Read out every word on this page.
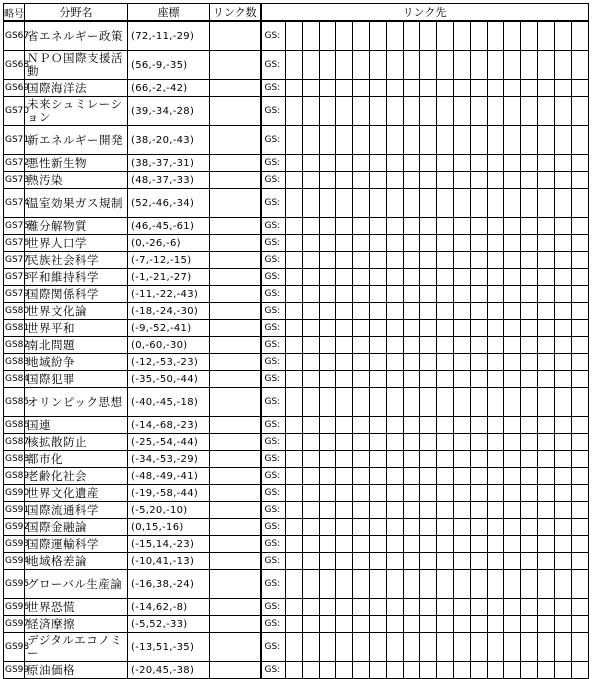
略号	分野名	座標	リンク数	リンク先																		
GS67	省エネルギー政策	(72,-11,-29)		GS:																		
GS68	ＮＰＯ国際支援活動	(56,-9,-35)		GS:																		
GS69	国際海洋法	(66,-2,-42)		GS:																		
GS70	未来シュミレーション	(39,-34,-28)		GS:																		
GS71	新エネルギー開発	(38,-20,-43)		GS:																		
GS72	悪性新生物	(38,-37,-31)		GS:																		
GS73	熱汚染	(48,-37,-33)		GS:																		
GS74	温室効果ガス規制	(52,-46,-34)		GS:																		
GS75	難分解物質	(46,-45,-61)		GS:																		
GS76	世界人口学	(0,-26,-6)		GS:																		
GS77	民族社会科学	(-7,-12,-15)		GS:																		
GS78	平和維持科学	(-1,-21,-27)		GS:																		
GS79	国際関係科学	(-11,-22,-43)		GS:																		
GS80	世界文化論	(-18,-24,-30)		GS:																		
GS81	世界平和	(-9,-52,-41)		GS:																		
GS82	南北問題	(0,-60,-30)		GS:																		
GS83	地域紛争	(-12,-53,-23)		GS:																		
GS84	国際犯罪	(-35,-50,-44)		GS:																		
GS85	オリンピック思想	(-40,-45,-18)		GS:																		
GS86	国連	(-14,-68,-23)		GS:																		
GS87	核拡散防止	(-25,-54,-44)		GS:																		
GS88	都市化	(-34,-53,-29)		GS:																		
GS89	老齢化社会	(-48,-49,-41)		GS:																		
GS90	世界文化遺産	(-19,-58,-44)		GS:																		
GS91	国際流通科学	(-5,20,-10)		GS:																		
GS92	国際金融論	(0,15,-16)		GS:																		
GS93	国際運輸科学	(-15,14,-23)		GS:																		
GS94	地域格差論	(-10,41,-13)		GS:																		
GS95	グローバル生産論	(-16,38,-24)		GS:																		
GS96	世界恐慌	(-14,62,-8)		GS:																		
GS97	経済摩擦	(-5,52,-33)		GS:																		
GS98	デジタルエコノミー	(-13,51,-35)		GS:																		
GS99	原油価格	(-20,45,-38)		GS:																		
